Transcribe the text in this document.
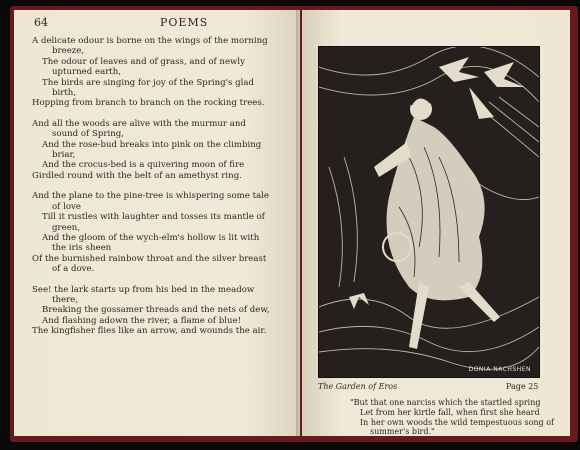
64	POEMS
A delicate odour is borne on the wings of the morning
breeze,
The odour of leaves and of grass, and of newly
upturned earth,
The birds are singing for joy of the Spring's glad
birth,
Hopping from branch to branch on the rocking trees.
And all the woods are alive with the murmur and
sound of Spring,
And the rose-bud breaks into pink on the climbing
briar,
And the crocus-bed is a quivering moon of fire
Girdled round with the belt of an amethyst ring.
And the plane to the pine-tree is whispering some tale
of love
Till it rustles with laughter and tosses its mantle of
green,
And the gloom of the wych-elm's hollow is lit with
the iris sheen
Of the burnished rainbow throat and the silver breast
of a dove.
See! the lark starts up from his bed in the meadow
there,
Breaking the gossamer threads and the nets of dew,
And flashing adown the river, a flame of blue!
The kingfisher flies like an arrow, and wounds the air.
DONIA NACHSHEN
The Garden of Eros	Page 25
"But that one narciss which the startled spring
Let from her kirtle fall, when first she heard
In her own woods the wild tempestuous song of
summer's bird."
